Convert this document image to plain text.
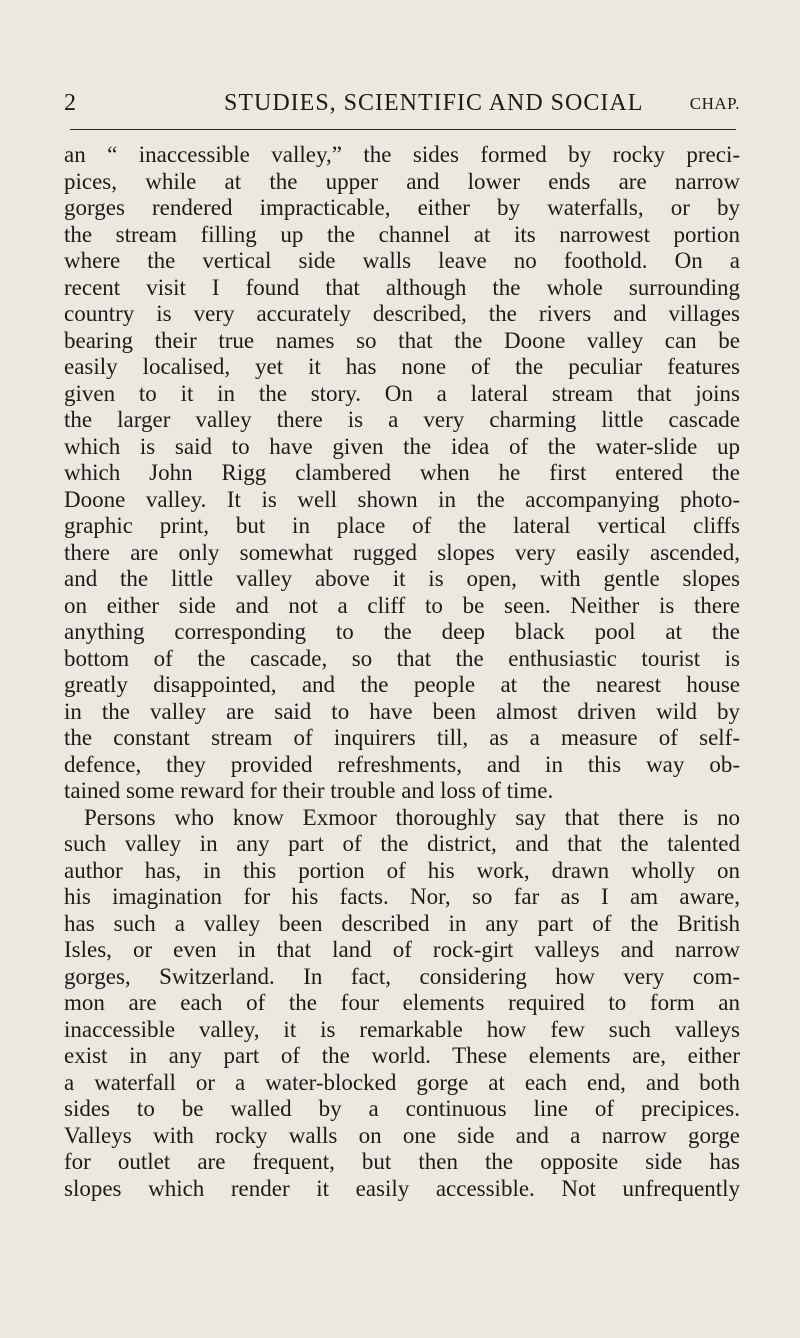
2	STUDIES, SCIENTIFIC AND SOCIAL	CHAP.
an “ inaccessible valley,” the sides formed by rocky preci-
pices, while at the upper and lower ends are narrow
gorges rendered impracticable, either by waterfalls, or by
the stream filling up the channel at its narrowest portion
where the vertical side walls leave no foothold. On a
recent visit I found that although the whole surrounding
country is very accurately described, the rivers and villages
bearing their true names so that the Doone valley can be
easily localised, yet it has none of the peculiar features
given to it in the story. On a lateral stream that joins
the larger valley there is a very charming little cascade
which is said to have given the idea of the water-slide up
which John Rigg clambered when he first entered the
Doone valley. It is well shown in the accompanying photo-
graphic print, but in place of the lateral vertical cliffs
there are only somewhat rugged slopes very easily ascended,
and the little valley above it is open, with gentle slopes
on either side and not a cliff to be seen. Neither is there
anything corresponding to the deep black pool at the
bottom of the cascade, so that the enthusiastic tourist is
greatly disappointed, and the people at the nearest house
in the valley are said to have been almost driven wild by
the constant stream of inquirers till, as a measure of self-
defence, they provided refreshments, and in this way ob-
tained some reward for their trouble and loss of time.
Persons who know Exmoor thoroughly say that there is no
such valley in any part of the district, and that the talented
author has, in this portion of his work, drawn wholly on
his imagination for his facts. Nor, so far as I am aware,
has such a valley been described in any part of the British
Isles, or even in that land of rock-girt valleys and narrow
gorges, Switzerland. In fact, considering how very com-
mon are each of the four elements required to form an
inaccessible valley, it is remarkable how few such valleys
exist in any part of the world. These elements are, either
a waterfall or a water-blocked gorge at each end, and both
sides to be walled by a continuous line of precipices.
Valleys with rocky walls on one side and a narrow gorge
for outlet are frequent, but then the opposite side has
slopes which render it easily accessible. Not unfrequently
